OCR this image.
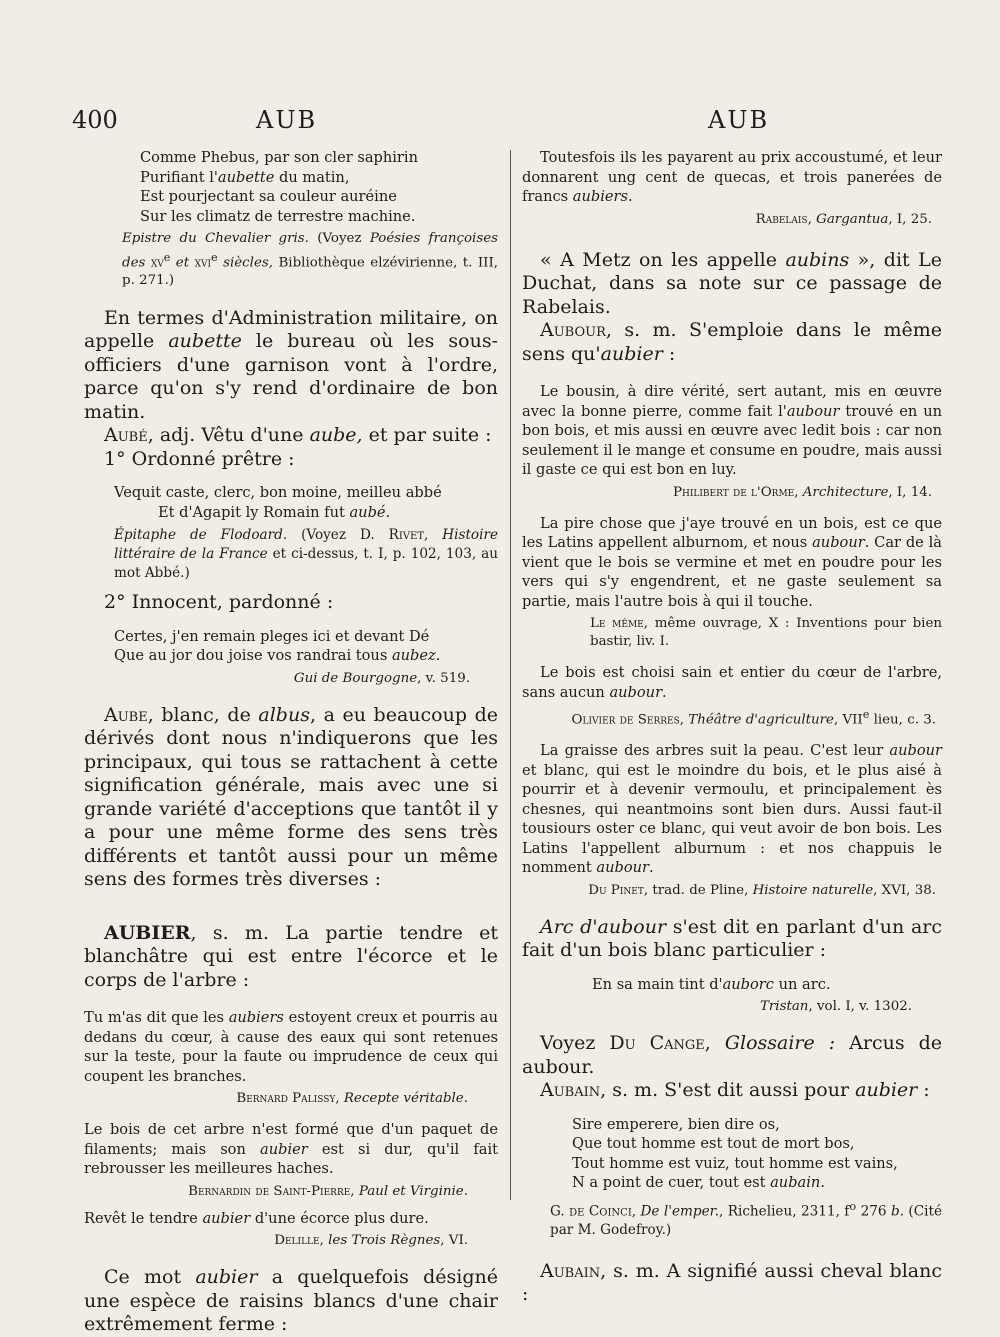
400	AUB	AUB
Comme Phebus, par son cler saphirin
Purifiant l'aubette du matin,
Est pourjectant sa couleur auréine
Sur les climatz de terrestre machine.

Epistre du Chevalier gris. (Voyez Poésies françoises des $xv^e$ et xvi$^e$ siècles, Bibliothèque elzévirienne, t. III, p. 271.)

En termes d'Administration militaire, on appelle aubette le bureau où les sous-officiers d'une garnison vont à l'ordre, parce qu'on s'y rend d'ordinaire de bon matin.

Aubé, adj. Vêtu d'une aube, et par suite :

1° Ordonné prêtre :

Vequit caste, clerc, bon moine, meilleu abbé
Et d'Agapit ly Romain fut aubé.

Épitaphe de Flodoard. (Voyez D. Rivet, Histoire littéraire de la France et ci-dessus, t. I, p. 102, 103, au mot Abbé.)

2° Innocent, pardonné :

Certes, j'en remain pleges ici et devant Dé
Que au jor dou joise vos randrai tous aubez.

Gui de Bourgogne, v. 519.

Aube, blanc, de albus, a eu beaucoup de dérivés dont nous n'indiquerons que les principaux, qui tous se rattachent à cette signification générale, mais avec une si grande variété d'acceptions que tantôt il y a pour une même forme des sens très différents et tantôt aussi pour un même sens des formes très diverses :

AUBIER, s. m. La partie tendre et blanchâtre qui est entre l'écorce et le corps de l'arbre :

Tu m'as dit que les aubiers estoyent creux et pourris au dedans du cœur, à cause des eaux qui sont retenues sur la teste, pour la faute ou imprudence de ceux qui coupent les branches.

Bernard Palissy, Recepte véritable.

Le bois de cet arbre n'est formé que d'un paquet de filaments; mais son aubier est si dur, qu'il fait rebrousser les meilleures haches.

Bernardin de Saint-Pierre, Paul et Virginie.

Revêt le tendre aubier d'une écorce plus dure.

Delille, les Trois Règnes, VI.

Ce mot aubier a quelquefois désigné une espèce de raisins blancs d'une chair extrêmement ferme :

Toutesfois ils les payarent au prix accoustumé, et leur donnarent ung cent de quecas, et trois panerées de francs aubiers.

Rabelais, Gargantua, I, 25.

« A Metz on les appelle aubins », dit Le Duchat, dans sa note sur ce passage de Rabelais.

Aubour, s. m. S'emploie dans le même sens qu'aubier :

Le bousin, à dire vérité, sert autant, mis en œuvre avec la bonne pierre, comme fait l'aubour trouvé en un bon bois, et mis aussi en œuvre avec ledit bois : car non seulement il le mange et consume en poudre, mais aussi il gaste ce qui est bon en luy.

Philibert de l'Orme, Architecture, I, 14.

La pire chose que j'aye trouvé en un bois, est ce que les Latins appellent alburnom, et nous aubour. Car de là vient que le bois se vermine et met en poudre pour les vers qui s'y engendrent, et ne gaste seulement sa partie, mais l'autre bois à qui il touche.

Le même, même ouvrage, X : Inventions pour bien bastir, liv. I.

Le bois est choisi sain et entier du cœur de l'arbre, sans aucun aubour.

Olivier de Serres, Théâtre d'agriculture, VIIe lieu, c. 3.

La graisse des arbres suit la peau. C'est leur aubour et blanc, qui est le moindre du bois, et le plus aisé à pourrir et à devenir vermoulu, et principalement ès chesnes, qui neantmoins sont bien durs. Aussi faut-il tousiours oster ce blanc, qui veut avoir de bon bois. Les Latins l'appellent alburnum : et nos chappuis le nomment aubour.

Du Pinet, trad. de Pline, Histoire naturelle, XVI, 38.

Arc d'aubour s'est dit en parlant d'un arc fait d'un bois blanc particulier :

En sa main tint d'auborc un arc.

Tristan, vol. I, v. 1302.

Voyez Du Cange, Glossaire : Arcus de aubour.

Aubain, s. m. S'est dit aussi pour aubier :

Sire emperere, bien dire os,
Que tout homme est tout de mort bos,
Tout homme est vuiz, tout homme est vains,
N a point de cuer, tout est aubain.

G. de Coinci, De l'emper., Richelieu, 2311, $f^o$ 276 b. (Cité par M. Godefroy.)

Aubain, s. m. A signifié aussi cheval blanc :
